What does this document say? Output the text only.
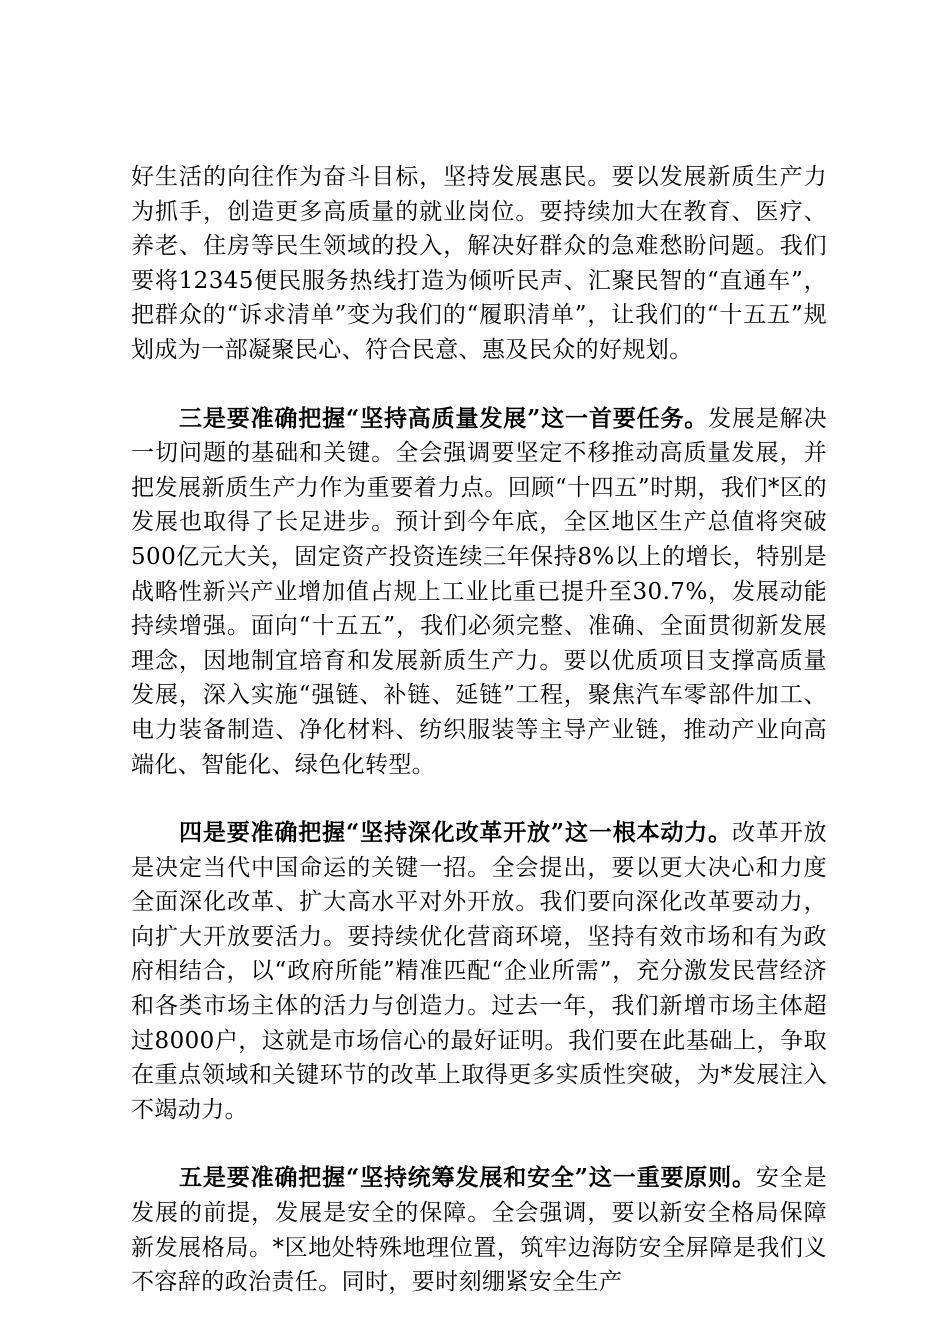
好生活的向往作为奋斗目标，坚持发展惠民。要以发展新质生产力为抓手，创造更多高质量的就业岗位。要持续加大在教育、医疗、养老、住房等民生领域的投入，解决好群众的急难愁盼问题。我们要将12345便民服务热线打造为倾听民声、汇聚民智的“直通车”，把群众的“诉求清单”变为我们的“履职清单”，让我们的“十五五”规划成为一部凝聚民心、符合民意、惠及民众的好规划。

三是要准确把握“坚持高质量发展”这一首要任务。发展是解决一切问题的基础和关键。全会强调要坚定不移推动高质量发展，并把发展新质生产力作为重要着力点。回顾“十四五”时期，我们*区的发展也取得了长足进步。预计到今年底，全区地区生产总值将突破500亿元大关，固定资产投资连续三年保持8%以上的增长，特别是战略性新兴产业增加值占规上工业比重已提升至30.7%，发展动能持续增强。面向“十五五”，我们必须完整、准确、全面贯彻新发展理念，因地制宜培育和发展新质生产力。要以优质项目支撑高质量发展，深入实施“强链、补链、延链”工程，聚焦汽车零部件加工、电力装备制造、净化材料、纺织服装等主导产业链，推动产业向高端化、智能化、绿色化转型。

四是要准确把握“坚持深化改革开放”这一根本动力。改革开放是决定当代中国命运的关键一招。全会提出，要以更大决心和力度全面深化改革、扩大高水平对外开放。我们要向深化改革要动力，向扩大开放要活力。要持续优化营商环境，坚持有效市场和有为政府相结合，以“政府所能”精准匹配“企业所需”，充分激发民营经济和各类市场主体的活力与创造力。过去一年，我们新增市场主体超过8000户，这就是市场信心的最好证明。我们要在此基础上，争取在重点领域和关键环节的改革上取得更多实质性突破，为*发展注入不竭动力。

五是要准确把握“坚持统筹发展和安全”这一重要原则。安全是发展的前提，发展是安全的保障。全会强调，要以新安全格局保障新发展格局。*区地处特殊地理位置，筑牢边海防安全屏障是我们义不容辞的政治责任。同时，要时刻绷紧安全生产
